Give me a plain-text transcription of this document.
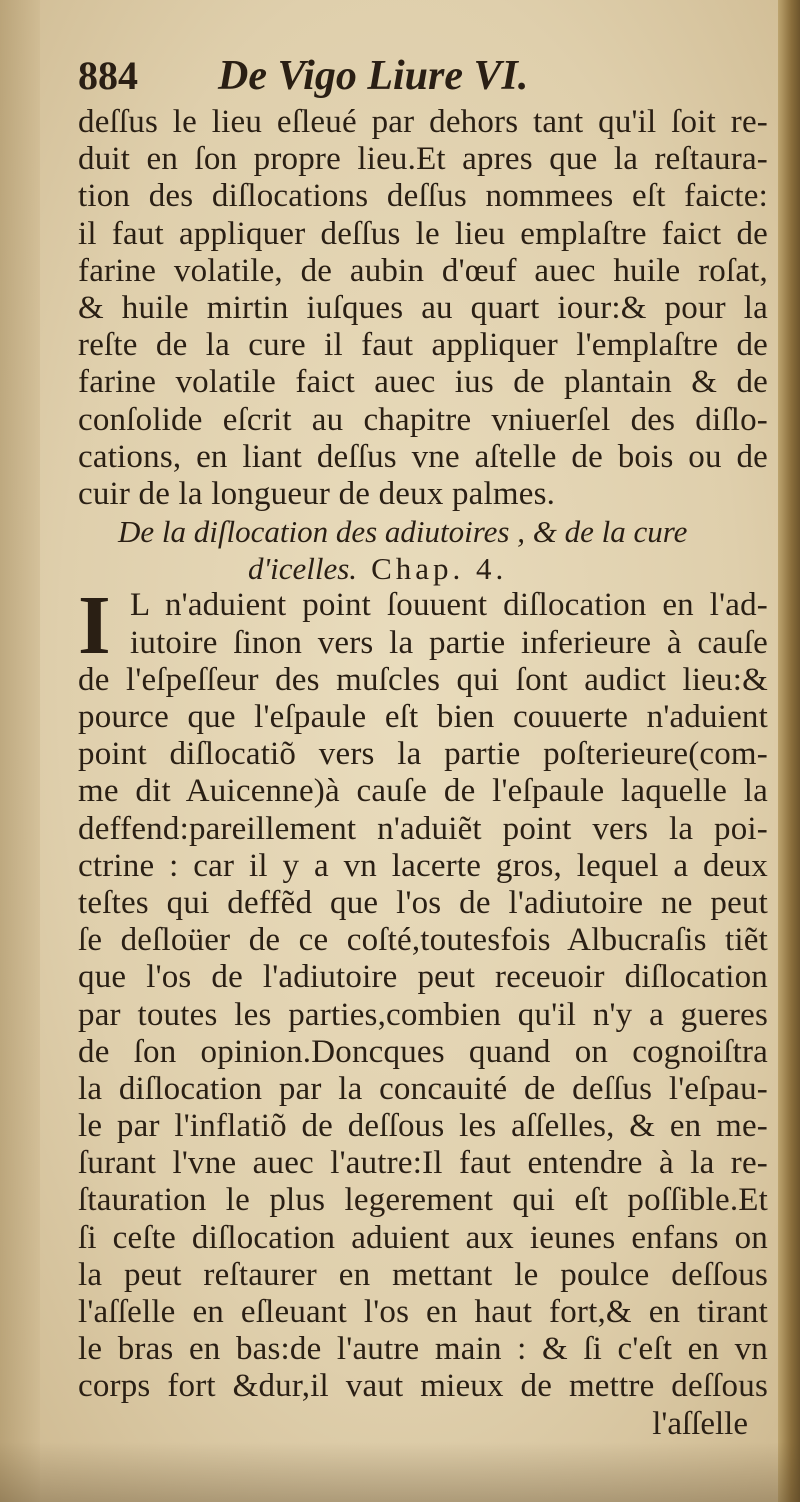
884	De Vigo Liure VI.
deſſus le lieu eſleué par dehors tant qu'il ſoit re-
duit en ſon propre lieu.Et apres que la reſtaura-
tion des diſlocations deſſus nommees eſt faicte:
il faut appliquer deſſus le lieu emplaſtre faict de
farine volatile, de aubin d'œuf auec huile roſat,
& huile mirtin iuſques au quart iour:& pour la
reſte de la cure il faut appliquer l'emplaſtre de
farine volatile faict auec ius de plantain & de
conſolide eſcrit au chapitre vniuerſel des diſlo-
cations, en liant deſſus vne aſtelle de bois ou de
cuir de la longueur de deux palmes.
De la diſlocation des adiutoires , & de la cure
d'icelles. Chap. 4.
I L n'aduient point ſouuent diſlocation en l'ad-
iutoire ſinon vers la partie inferieure à cauſe
de l'eſpeſſeur des muſcles qui ſont audict lieu:&
pource que l'eſpaule eſt bien couuerte n'aduient
point diſlocatiõ vers la partie poſterieure(com-
me dit Auicenne)à cauſe de l'eſpaule laquelle la
deffend:pareillement n'aduiẽt point vers la poi-
ctrine : car il y a vn lacerte gros, lequel a deux
teſtes qui deffẽd que l'os de l'adiutoire ne peut
ſe deſloüer de ce coſté,toutesfois Albucraſis tiẽt
que l'os de l'adiutoire peut receuoir diſlocation
par toutes les parties,combien qu'il n'y a gueres
de ſon opinion.Doncques quand on cognoiſtra
la diſlocation par la concauité de deſſus l'eſpau-
le par l'inflatiõ de deſſous les aſſelles, & en me-
ſurant l'vne auec l'autre:Il faut entendre à la re-
ſtauration le plus legerement qui eſt poſſible.Et
ſi ceſte diſlocation aduient aux ieunes enfans on
la peut reſtaurer en mettant le poulce deſſous
l'aſſelle en eſleuant l'os en haut fort,& en tirant
le bras en bas:de l'autre main : & ſi c'eſt en vn
corps fort &dur,il vaut mieux de mettre deſſous
l'aſſelle
